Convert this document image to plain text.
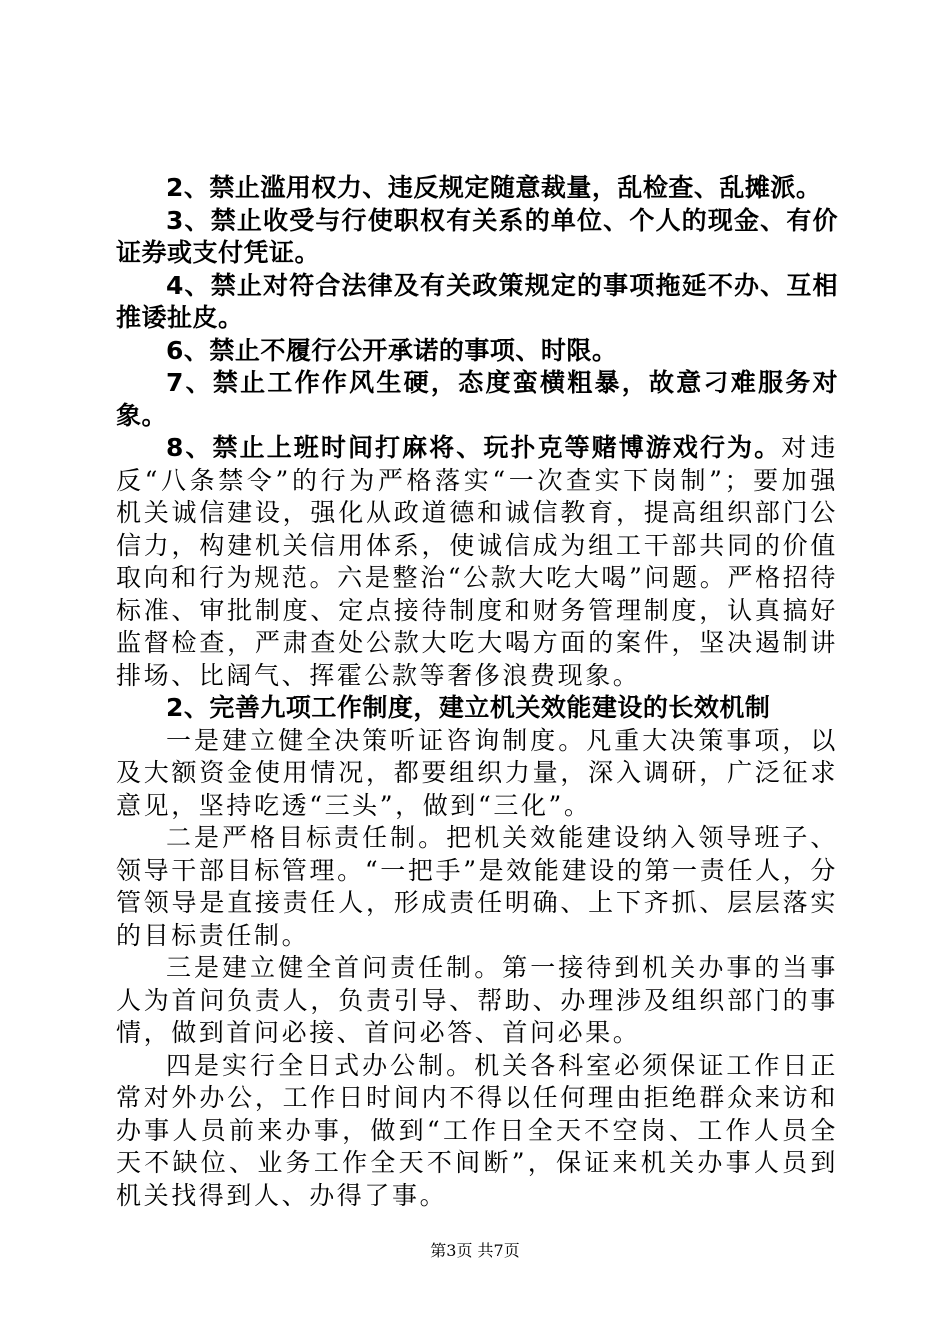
2、禁止滥用权力、违反规定随意裁量，乱检查、乱摊派。

3、禁止收受与行使职权有关系的单位、个人的现金、有价证券或支付凭证。

4、禁止对符合法律及有关政策规定的事项拖延不办、互相推诿扯皮。

6、禁止不履行公开承诺的事项、时限。

7、禁止工作作风生硬，态度蛮横粗暴，故意刁难服务对象。

8、禁止上班时间打麻将、玩扑克等赌博游戏行为。对违反“八条禁令”的行为严格落实“一次查实下岗制”；要加强机关诚信建设，强化从政道德和诚信教育，提高组织部门公信力，构建机关信用体系，使诚信成为组工干部共同的价值取向和行为规范。六是整治“公款大吃大喝”问题。严格招待标准、审批制度、定点接待制度和财务管理制度，认真搞好监督检查，严肃查处公款大吃大喝方面的案件，坚决遏制讲排场、比阔气、挥霍公款等奢侈浪费现象。

2、完善九项工作制度，建立机关效能建设的长效机制

一是建立健全决策听证咨询制度。凡重大决策事项，以及大额资金使用情况，都要组织力量，深入调研，广泛征求意见，坚持吃透“三头”，做到“三化”。

二是严格目标责任制。把机关效能建设纳入领导班子、领导干部目标管理。“一把手”是效能建设的第一责任人，分管领导是直接责任人，形成责任明确、上下齐抓、层层落实的目标责任制。

三是建立健全首问责任制。第一接待到机关办事的当事人为首问负责人，负责引导、帮助、办理涉及组织部门的事情，做到首问必接、首问必答、首问必果。

四是实行全日式办公制。机关各科室必须保证工作日正常对外办公，工作日时间内不得以任何理由拒绝群众来访和办事人员前来办事，做到“工作日全天不空岗、工作人员全天不缺位、业务工作全天不间断”，保证来机关办事人员到机关找得到人、办得了事。

第3页 共7页
